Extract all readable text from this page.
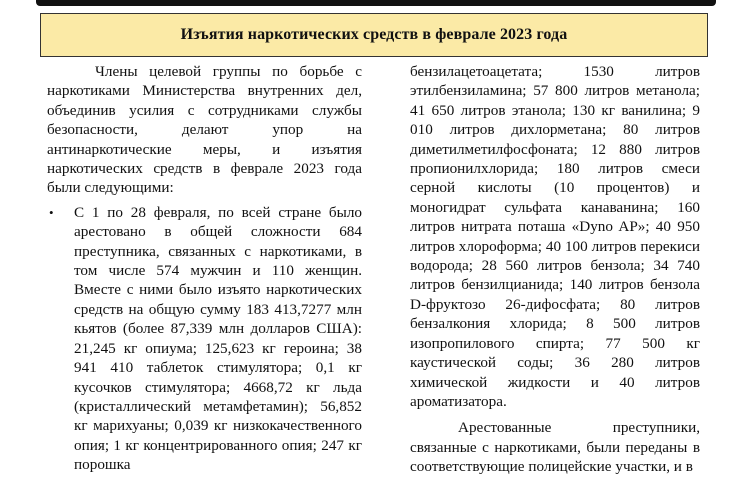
Изъятия наркотических средств в феврале 2023 года

Члены целевой группы по борьбе с наркотиками Министерства внутренних дел, объединив усилия с сотрудниками службы безопасности, делают упор на антинаркотические меры, и изъятия наркотических средств в феврале 2023 года были следующими:

• С 1 по 28 февраля, по всей стране было арестовано в общей сложности 684 преступника, связанных с наркотиками, в том числе 574 мужчин и 110 женщин. Вместе с ними было изъято наркотических средств на общую сумму 183 413,7277 млн кьятов (более 87,339 млн долларов США): 21,245 кг опиума; 125,623 кг героина; 38 941 410 таблеток стимулятора; 0,1 кг кусочков стимулятора; 4668,72 кг льда (кристаллический метамфетамин); 56,852 кг марихуаны; 0,039 кг низкокачественного опия; 1 кг концентрированного опия; 247 кг порошка

бензилацетоацетата; 1530 литров этилбензиламина; 57 800 литров метанола; 41 650 литров этанола; 130 кг ванилина; 9 010 литров дихлорметана; 80 литров диметилметилфосфоната; 12 880 литров пропионилхлорида; 180 литров смеси серной кислоты (10 процентов) и моногидрат сульфата канаванина; 160 литров нитрата поташа «Dyno AP»; 40 950 литров хлороформа; 40 100 литров перекиси водорода; 28 560 литров бензола; 34 740 литров бензилцианида; 140 литров бензола D-фруктозо 26-дифосфата; 80 литров бензалкония хлорида; 8 500 литров изопропилового спирта; 77 500 кг каустической соды; 36 280 литров химической жидкости и 40 литров ароматизатора.

Арестованные преступники, связанные с наркотиками, были переданы в соответствующие полицейские участки, и в
